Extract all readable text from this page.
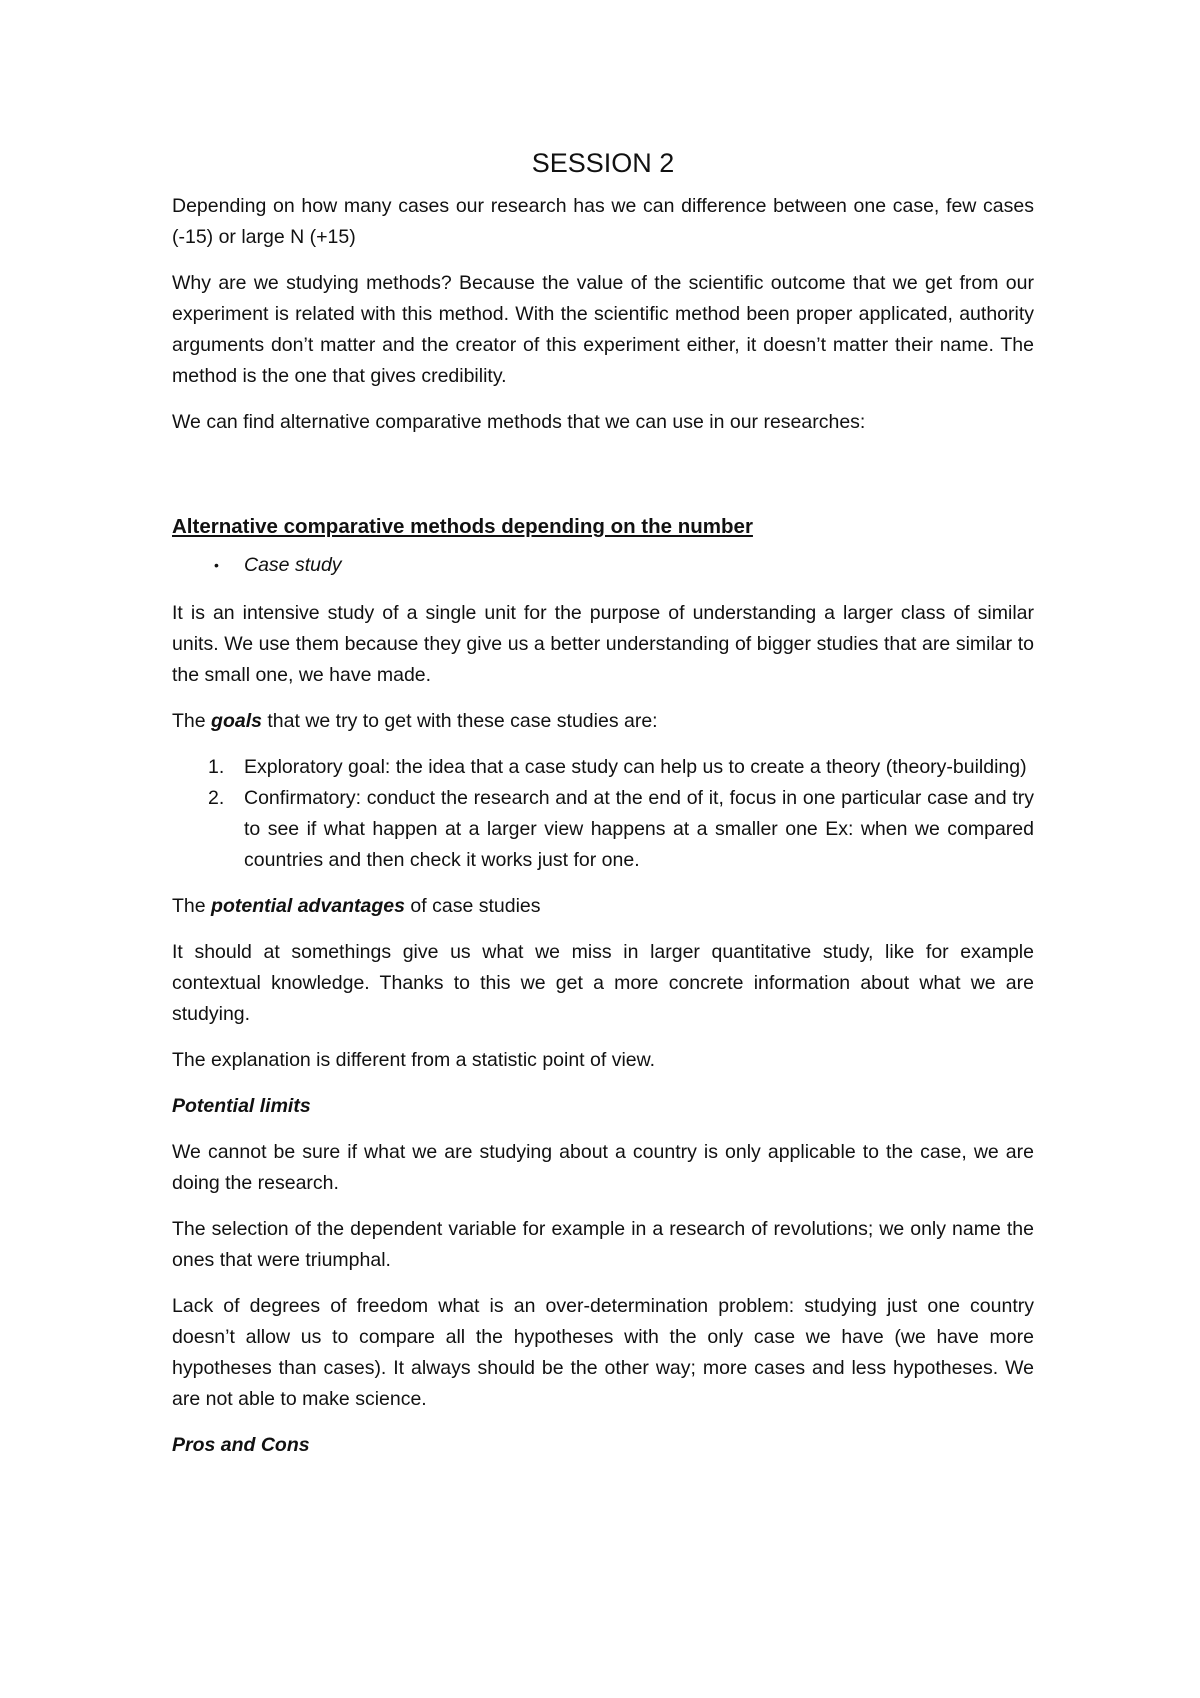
SESSION 2

Depending on how many cases our research has we can difference between one case, few cases (-15) or large N (+15)

Why are we studying methods? Because the value of the scientific outcome that we get from our experiment is related with this method. With the scientific method been proper applicated, authority arguments don’t matter and the creator of this experiment either, it doesn’t matter their name. The method is the one that gives credibility.

We can find alternative comparative methods that we can use in our researches:

Alternative comparative methods depending on the number
• Case study

It is an intensive study of a single unit for the purpose of understanding a larger class of similar units. We use them because they give us a better understanding of bigger studies that are similar to the small one, we have made.

The goals that we try to get with these case studies are:

1. Exploratory goal: the idea that a case study can help us to create a theory (theory-building)
2. Confirmatory: conduct the research and at the end of it, focus in one particular case and try to see if what happen at a larger view happens at a smaller one Ex: when we compared countries and then check it works just for one.

The potential advantages of case studies

It should at somethings give us what we miss in larger quantitative study, like for example contextual knowledge. Thanks to this we get a more concrete information about what we are studying.

The explanation is different from a statistic point of view.

Potential limits

We cannot be sure if what we are studying about a country is only applicable to the case, we are doing the research.

The selection of the dependent variable for example in a research of revolutions; we only name the ones that were triumphal.

Lack of degrees of freedom what is an over-determination problem: studying just one country doesn’t allow us to compare all the hypotheses with the only case we have (we have more hypotheses than cases). It always should be the other way; more cases and less hypotheses. We are not able to make science.

Pros and Cons
